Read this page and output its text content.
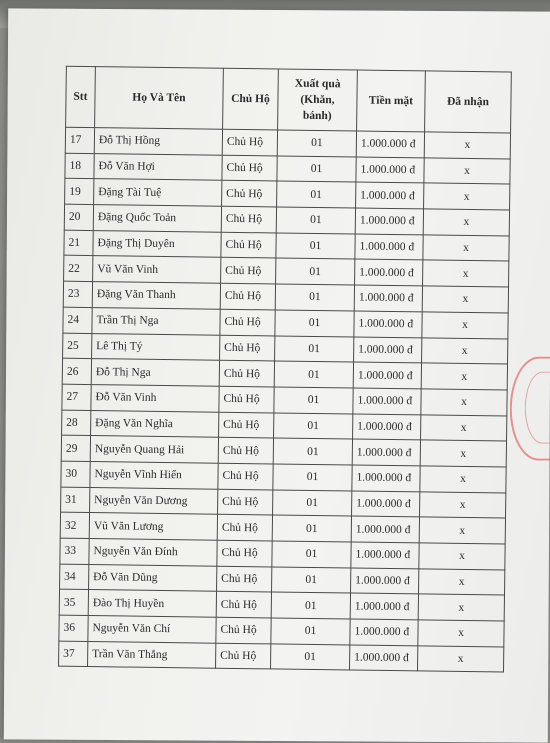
Stt	Họ Và Tên	Chủ Hộ	Xuất quà
(Khăn,
bánh)	Tiền mặt	Đã nhận
17	Đỗ Thị Hồng	Chủ Hộ	01	1.000.000 đ	x
18	Đỗ Văn Hợi	Chủ Hộ	01	1.000.000 đ	x
19	Đặng Tài Tuệ	Chủ Hộ	01	1.000.000 đ	x
20	Đặng Quốc Toản	Chủ Hộ	01	1.000.000 đ	x
21	Đặng Thị Duyên	Chủ Hộ	01	1.000.000 đ	x
22	Vũ Văn Vinh	Chủ Hộ	01	1.000.000 đ	x
23	Đặng Văn Thanh	Chủ Hộ	01	1.000.000 đ	x
24	Trần Thị Nga	Chủ Hộ	01	1.000.000 đ	x
25	Lê Thị Tý	Chủ Hộ	01	1.000.000 đ	x
26	Đỗ Thị Nga	Chủ Hộ	01	1.000.000 đ	x
27	Đỗ Văn Vinh	Chủ Hộ	01	1.000.000 đ	x
28	Đặng Văn Nghĩa	Chủ Hộ	01	1.000.000 đ	x
29	Nguyễn Quang Hải	Chủ Hộ	01	1.000.000 đ	x
30	Nguyễn Vĩnh Hiển	Chủ Hộ	01	1.000.000 đ	x
31	Nguyễn Văn Dương	Chủ Hộ	01	1.000.000 đ	x
32	Vũ Văn Lương	Chủ Hộ	01	1.000.000 đ	x
33	Nguyễn Văn Đính	Chủ Hộ	01	1.000.000 đ	x
34	Đỗ Văn Dũng	Chủ Hộ	01	1.000.000 đ	x
35	Đào Thị Huyền	Chủ Hộ	01	1.000.000 đ	x
36	Nguyễn Văn Chí	Chủ Hộ	01	1.000.000 đ	x
37	Trần Văn Thắng	Chủ Hộ	01	1.000.000 đ	x
